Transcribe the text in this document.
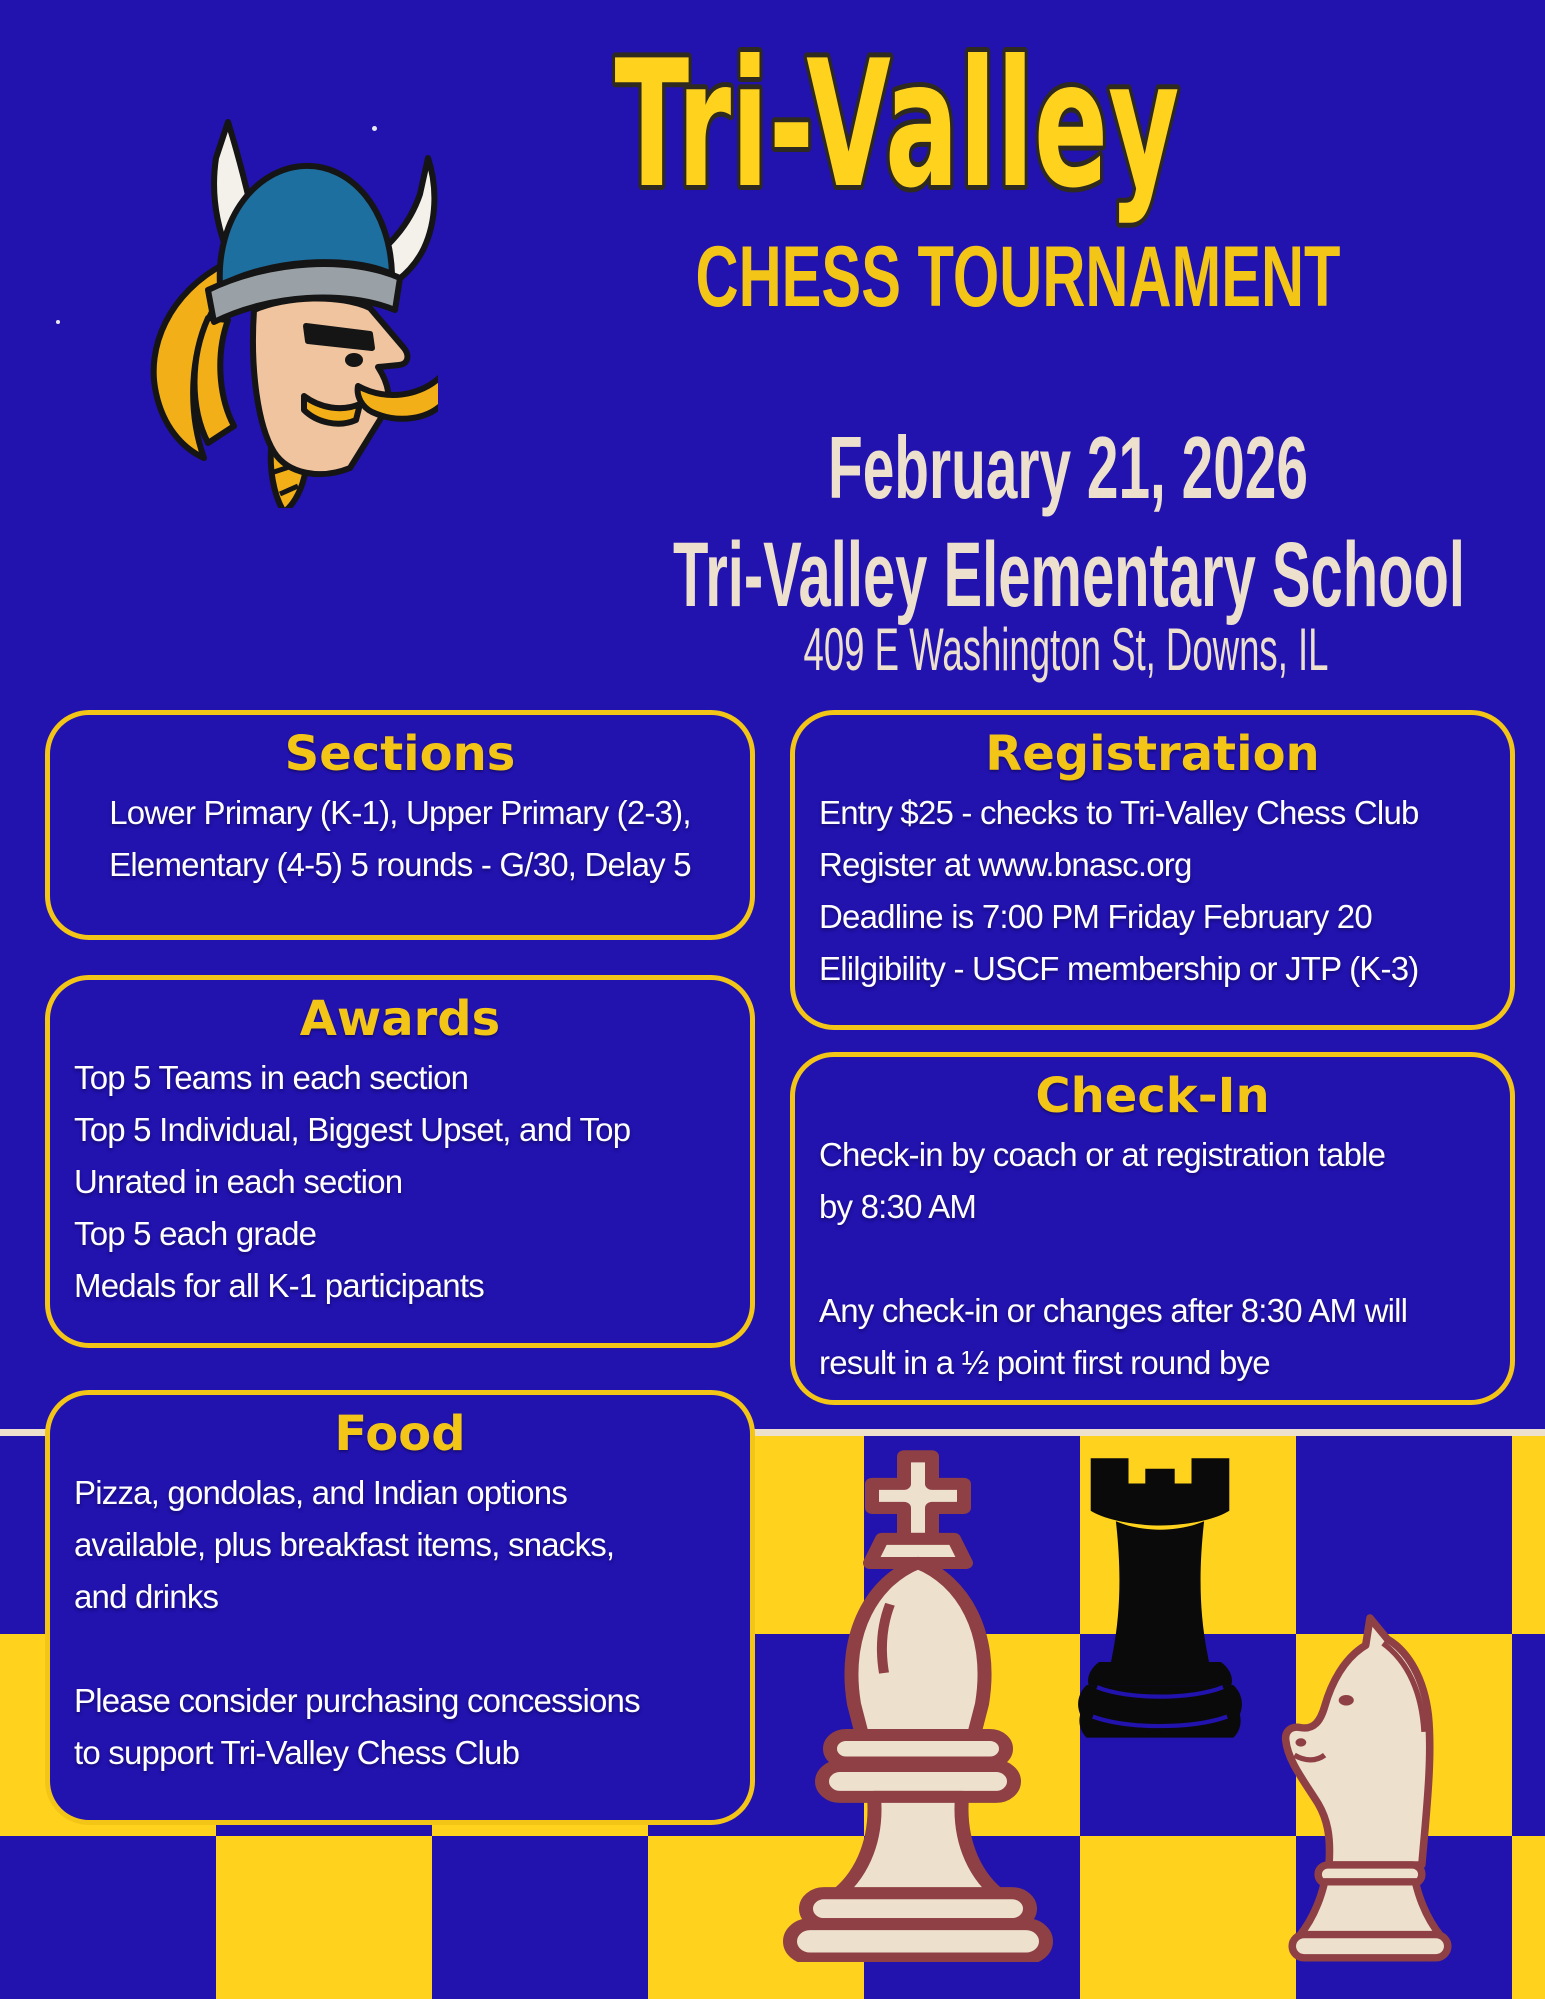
Tri-Valley
CHESS TOURNAMENT
February 21, 2026
Tri-Valley Elementary School
409 E Washington St, Downs, IL
Sections
Lower Primary (K-1), Upper Primary (2-3),
Elementary (4-5) 5 rounds - G/30, Delay 5
Registration
Entry $25 - checks to Tri-Valley Chess Club
Register at www.bnasc.org
Deadline is 7:00 PM Friday February 20
Elilgibility - USCF membership or JTP (K-3)
Awards
Top 5 Teams in each section
Top 5 Individual, Biggest Upset, and Top
Unrated in each section
Top 5 each grade
Medals for all K-1 participants
Check-In
Check-in by coach or at registration table
by 8:30 AM
Any check-in or changes after 8:30 AM will
result in a ½ point first round bye
Food
Pizza, gondolas, and Indian options
available, plus breakfast items, snacks,
and drinks
Please consider purchasing concessions
to support Tri-Valley Chess Club
